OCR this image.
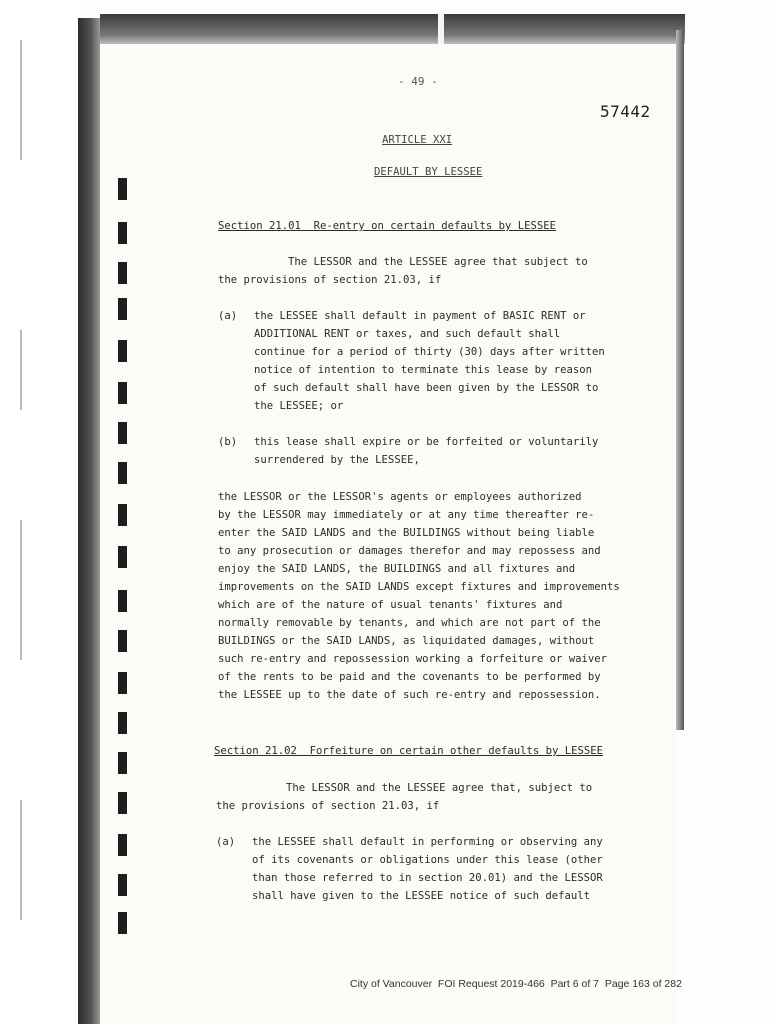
- 49 -
57442
ARTICLE XXI
DEFAULT BY LESSEE
Section 21.01  Re-entry on certain defaults by LESSEE
The LESSOR and the LESSEE agree that subject to
the provisions of section 21.03, if
(a) the LESSEE shall default in payment of BASIC RENT or
ADDITIONAL RENT or taxes, and such default shall
continue for a period of thirty (30) days after written
notice of intention to terminate this lease by reason
of such default shall have been given by the LESSOR to
the LESSEE; or
(b) this lease shall expire or be forfeited or voluntarily
surrendered by the LESSEE,
the LESSOR or the LESSOR's agents or employees authorized
by the LESSOR may immediately or at any time thereafter re-
enter the SAID LANDS and the BUILDINGS without being liable
to any prosecution or damages therefor and may repossess and
enjoy the SAID LANDS, the BUILDINGS and all fixtures and
improvements on the SAID LANDS except fixtures and improvements
which are of the nature of usual tenants' fixtures and
normally removable by tenants, and which are not part of the
BUILDINGS or the SAID LANDS, as liquidated damages, without
such re-entry and repossession working a forfeiture or waiver
of the rents to be paid and the covenants to be performed by
the LESSEE up to the date of such re-entry and repossession.
Section 21.02  Forfeiture on certain other defaults by LESSEE
The LESSOR and the LESSEE agree that, subject to
the provisions of section 21.03, if
(a) the LESSEE shall default in performing or observing any
of its covenants or obligations under this lease (other
than those referred to in section 20.01) and the LESSOR
shall have given to the LESSEE notice of such default
City of Vancouver  FOI Request 2019-466  Part 6 of 7  Page 163 of 282
